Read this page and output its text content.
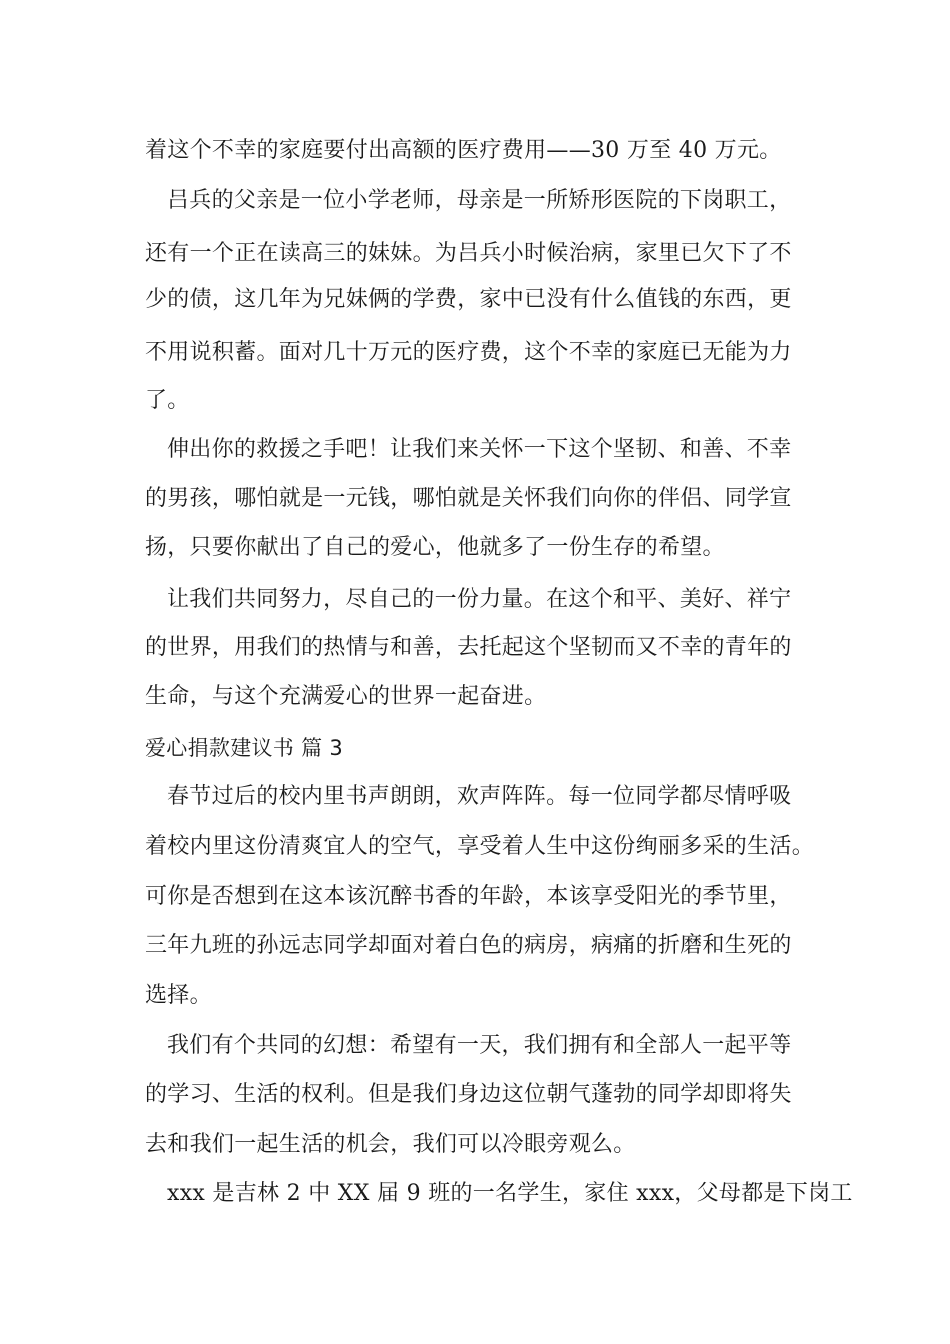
着这个不幸的家庭要付出高额的医疗费用——30 万至 40 万元。
吕兵的父亲是一位小学老师，母亲是一所矫形医院的下岗职工，
还有一个正在读高三的妹妹。为吕兵小时候治病，家里已欠下了不
少的债，这几年为兄妹俩的学费，家中已没有什么值钱的东西，更
不用说积蓄。面对几十万元的医疗费，这个不幸的家庭已无能为力
了。
伸出你的救援之手吧！让我们来关怀一下这个坚韧、和善、不幸
的男孩，哪怕就是一元钱，哪怕就是关怀我们向你的伴侣、同学宣
扬，只要你献出了自己的爱心，他就多了一份生存的希望。
让我们共同努力，尽自己的一份力量。在这个和平、美好、祥宁
的世界，用我们的热情与和善，去托起这个坚韧而又不幸的青年的
生命，与这个充满爱心的世界一起奋进。
爱心捐款建议书 篇 3
春节过后的校内里书声朗朗，欢声阵阵。每一位同学都尽情呼吸
着校内里这份清爽宜人的空气，享受着人生中这份绚丽多采的生活。
可你是否想到在这本该沉醉书香的年龄，本该享受阳光的季节里，
三年九班的孙远志同学却面对着白色的病房，病痛的折磨和生死的
选择。
我们有个共同的幻想：希望有一天，我们拥有和全部人一起平等
的学习、生活的权利。但是我们身边这位朝气蓬勃的同学却即将失
去和我们一起生活的机会，我们可以冷眼旁观么。
xxx 是吉林 2 中 XX 届 9 班的一名学生，家住 xxx，父母都是下岗工
